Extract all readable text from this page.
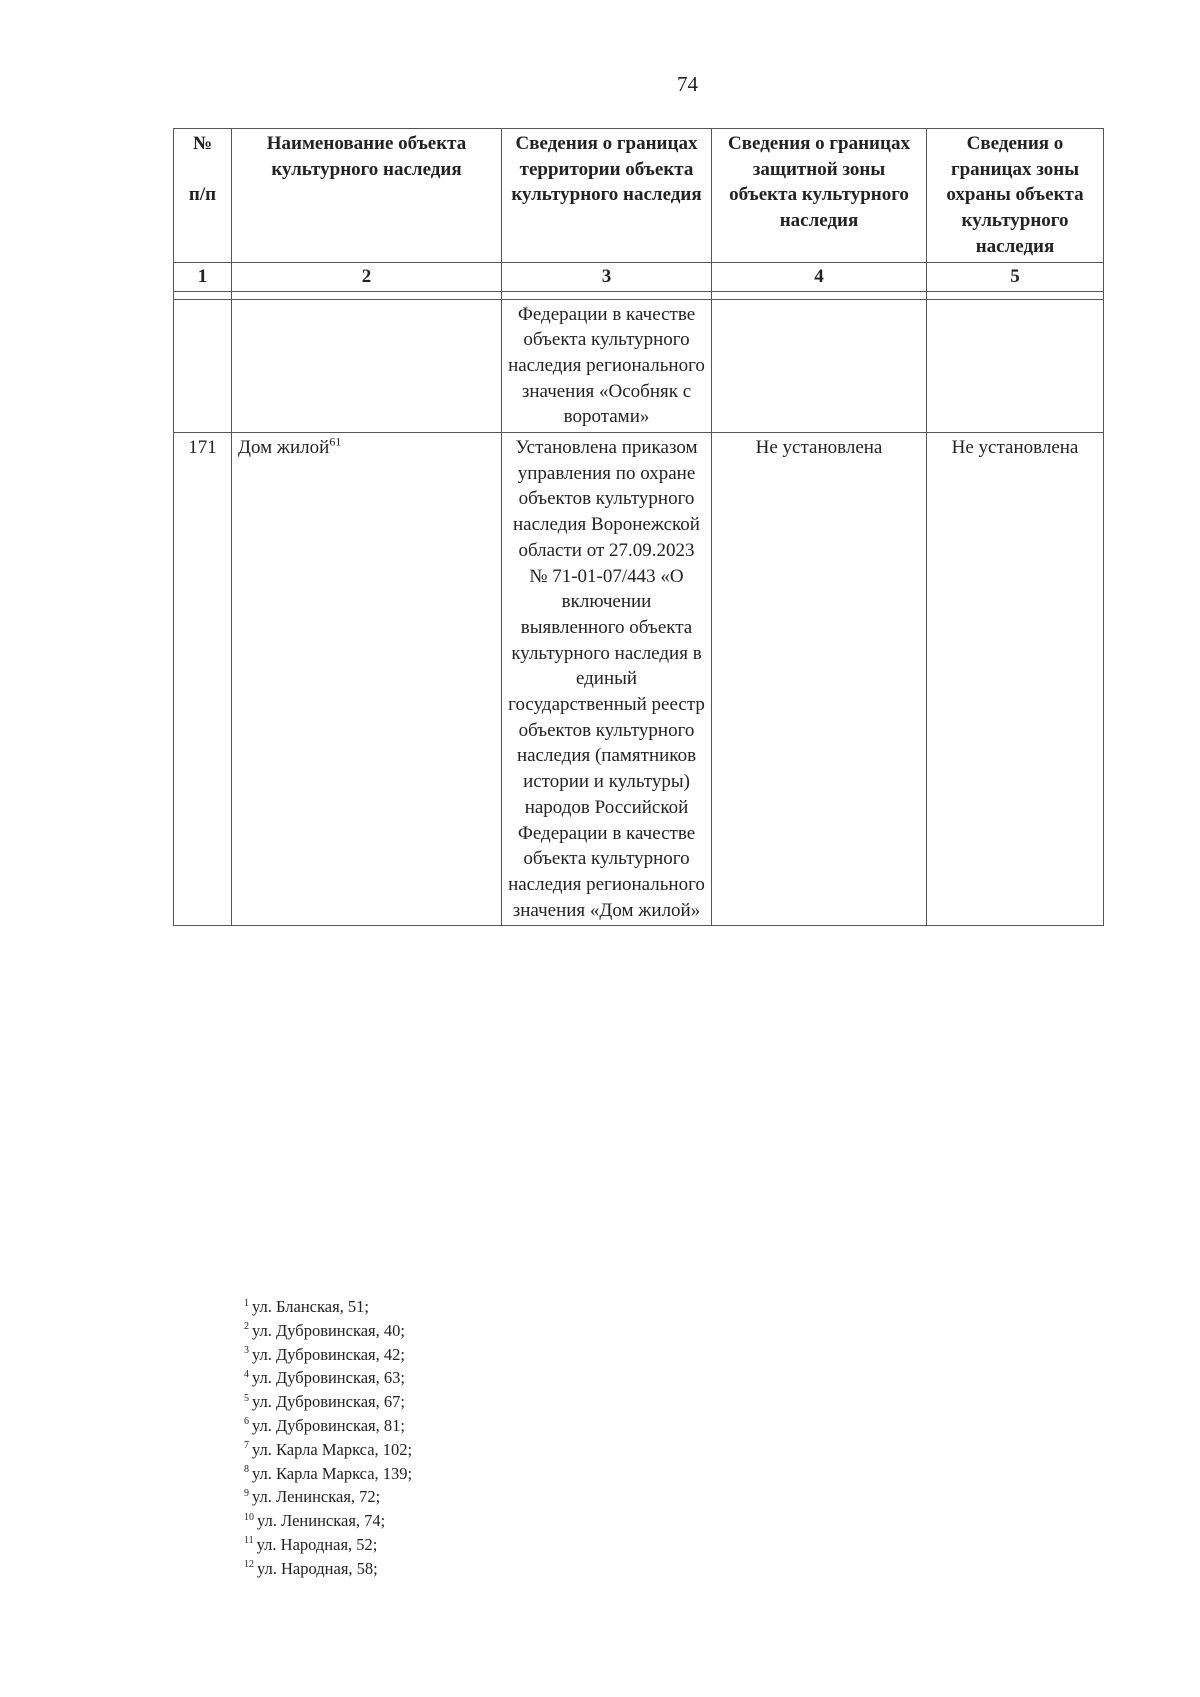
74
№

п/п	Наименование объекта культурного наследия	Сведения о границах территории объекта культурного наследия	Сведения о границах защитной зоны объекта культурного наследия	Сведения о границах зоны охраны объекта культурного наследия
1	2	3	4	5

		Федерации в качестве объекта культурного наследия регионального значения «Особняк с воротами»		
171	Дом жилой$^{61}$	Установлена приказом управления по охране объектов культурного наследия Воронежской области от 27.09.2023 № 71-01-07/443 «О включении выявленного объекта культурного наследия в единый государственный реестр объектов культурного наследия (памятников истории и культуры) народов Российской Федерации в качестве объекта культурного наследия регионального значения «Дом жилой»	Не установлена	Не установлена
$^1$ ул. Бланская, 51;
$^2$ ул. Дубровинская, 40;
$^3$ ул. Дубровинская, 42;
$^4$ ул. Дубровинская, 63;
$^5$ ул. Дубровинская, 67;
$^6$ ул. Дубровинская, 81;
$^7$ ул. Карла Маркса, 102;
$^8$ ул. Карла Маркса, 139;
$^9$ ул. Ленинская, 72;
$^{10}$ ул. Ленинская, 74;
$^{11}$ ул. Народная, 52;
$^{12}$ ул. Народная, 58;
